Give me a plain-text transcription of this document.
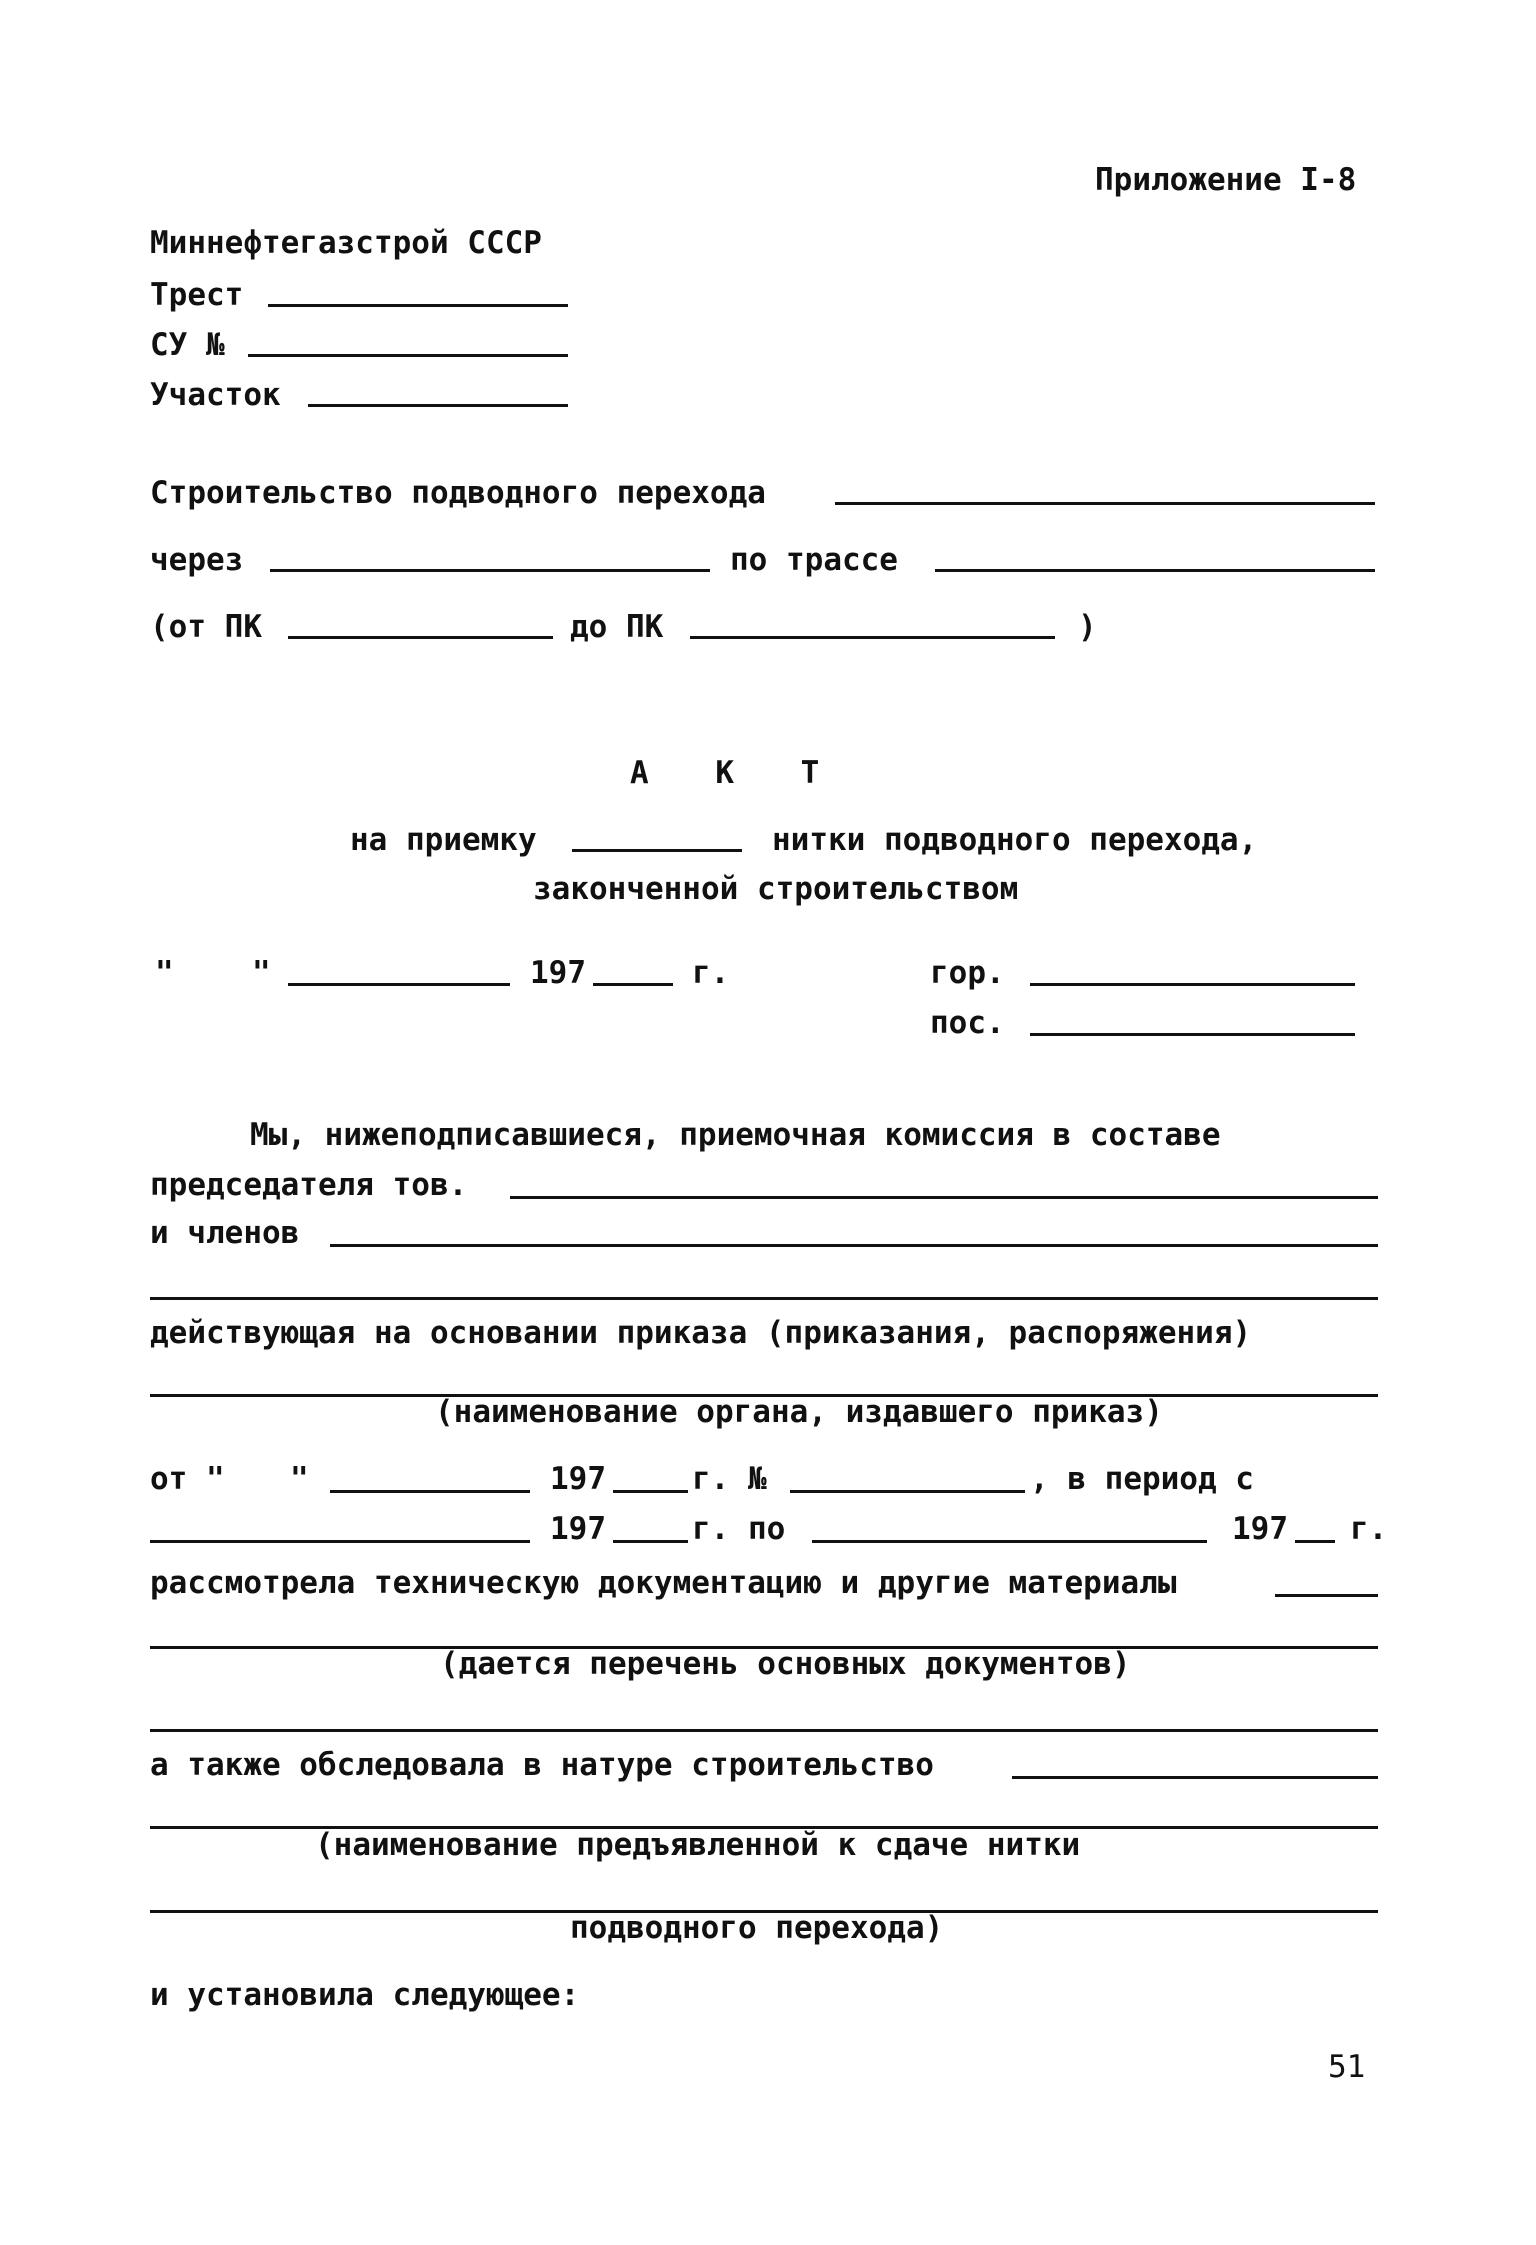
Приложение I-8
Миннефтегазстрой СССР
Трест
СУ №
Участок
Строительство подводного перехода
через	по трассе
(от ПК	до ПК	)
А К Т
на приемку	нитки подводного перехода,
законченной строительством
"	"	197	г.	гор.
пос.
Мы, нижеподписавшиеся, приемочная комиссия в составе
председателя тов.
и членов
действующая на основании приказа (приказания, распоряжения)
(наименование органа, издавшего приказ)
от " "	197	г. №	, в период с
197	г. по	197 г.
рассмотрела техническую документацию и другие материалы
(дается перечень основных документов)
а также обследовала в натуре строительство
(наименование предъявленной к сдаче нитки
подводного перехода)
и установила следующее:
51
